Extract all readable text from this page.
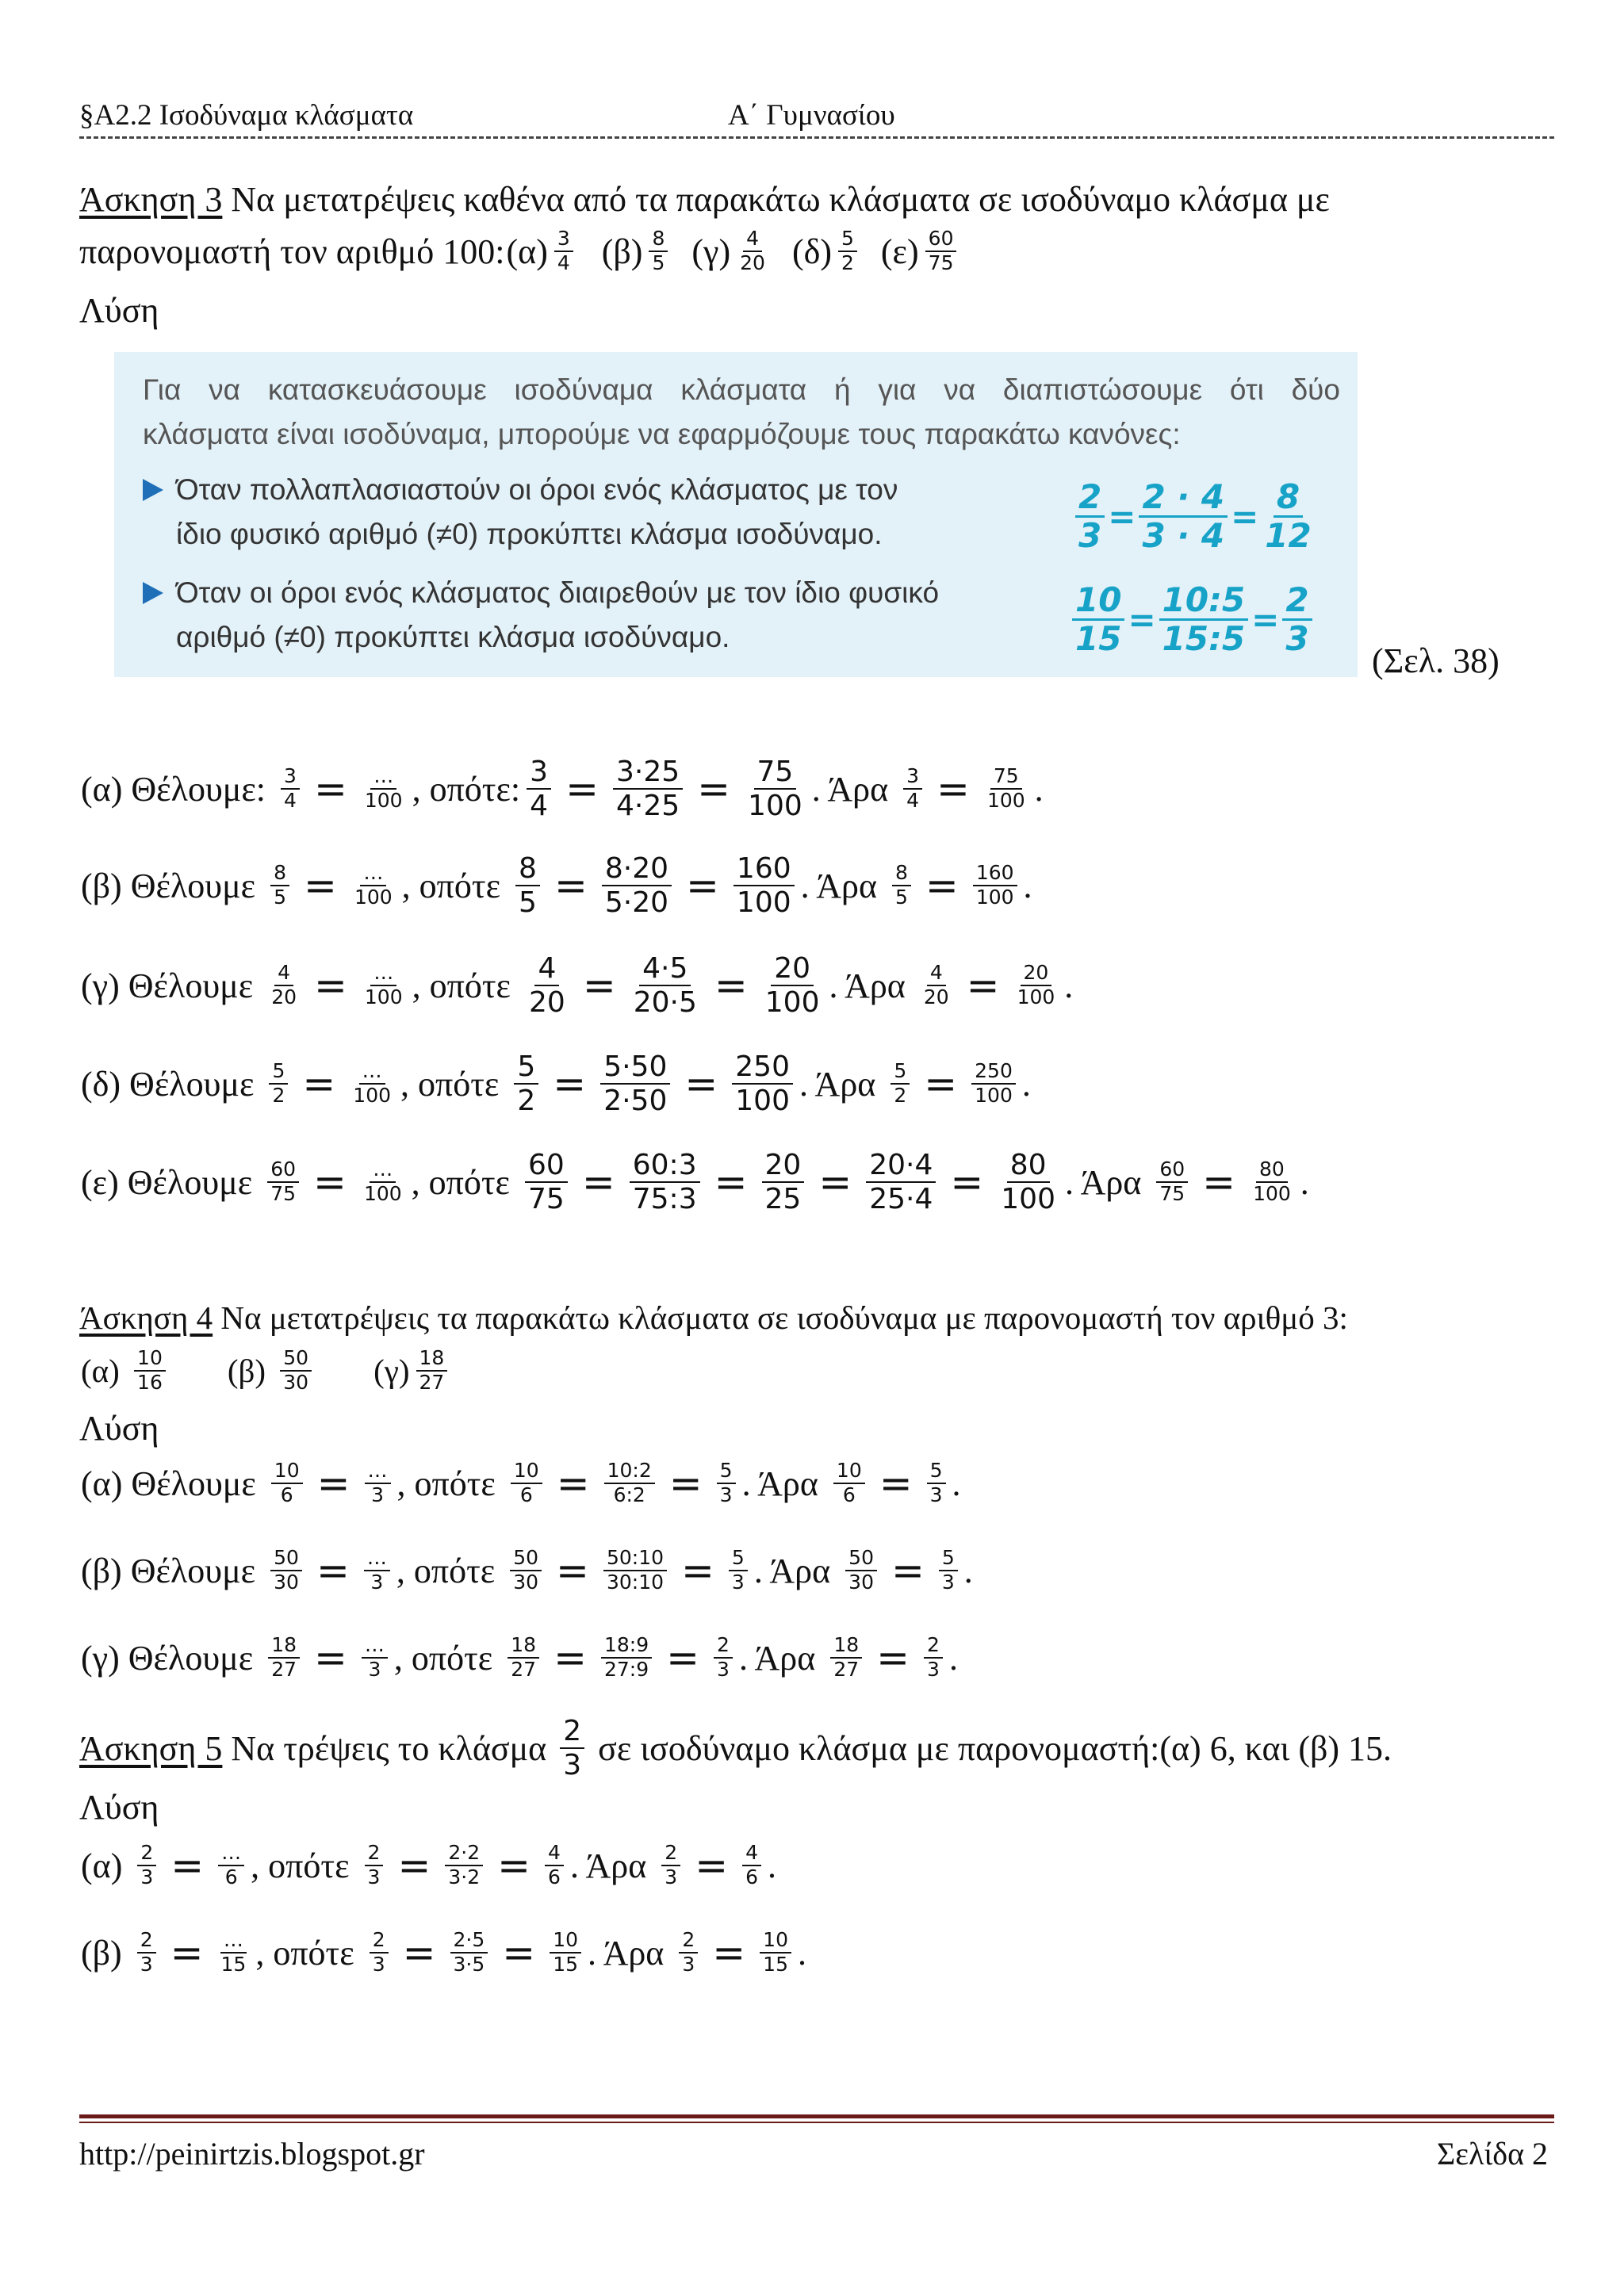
§Α2.2 Ισοδύναμα κλάσματα	Α΄ Γυμνασίου
Άσκηση 3 Να μετατρέψεις καθένα από τα παρακάτω κλάσματα σε ισοδύναμο κλάσμα με
παρονομαστή τον αριθμό 100: $(\alpha) \frac{3}{4} (\beta) \frac{8}{5} (\gamma) \frac{4}{20} (\delta) \frac{5}{2} (\varepsilon) \frac{60}{75}$
Λύση
Για να κατασκευάσουμε ισοδύναμα κλάσματα ή για να διαπιστώσουμε ότι δύο
κλάσματα είναι ισοδύναμα, μπορούμε να εφαρμόζουμε τους παρακάτω κανόνες:
Όταν πολλαπλασιαστούν οι όροι ενός κλάσματος με τον
ίδιο φυσικό αριθμό (≠0) προκύπτει κλάσμα ισοδύναμο.
Όταν οι όροι ενός κλάσματος διαιρεθούν με τον ίδιο φυσικό
αριθμό (≠0) προκύπτει κλάσμα ισοδύναμο.
$\frac{2}{3} = \frac{2 \cdot 4}{3 \cdot 4} = \frac{8}{12}$
$\frac{10}{15} = \frac{10:5}{15:5} = \frac{2}{3}$
(Σελ. 38)
(α) Θέλουμε: $\frac{3}{4} = \frac{\dots}{100}$ , οπότε: $\frac{3}{4} = \frac{3\cdot 25}{4\cdot 25} = \frac{75}{100}$ . Άρα $\frac{3}{4} = \frac{75}{100}$ .
(β) Θέλουμε $\frac{8}{5} = \frac{\dots}{100}$ , οπότε $\frac{8}{5} = \frac{8\cdot 20}{5\cdot 20} = \frac{160}{100}$ . Άρα $\frac{8}{5} = \frac{160}{100}$ .
(γ) Θέλουμε $\frac{4}{20} = \frac{\dots}{100}$ , οπότε $\frac{4}{20} = \frac{4\cdot 5}{20\cdot 5} = \frac{20}{100}$ . Άρα $\frac{4}{20} = \frac{20}{100}$ .
(δ) Θέλουμε $\frac{5}{2} = \frac{\dots}{100}$ , οπότε $\frac{5}{2} = \frac{5\cdot 50}{2\cdot 50} = \frac{250}{100}$ . Άρα $\frac{5}{2} = \frac{250}{100}$ .
(ε) Θέλουμε $\frac{60}{75} = \frac{\dots}{100}$ , οπότε $\frac{60}{75} = \frac{60:3}{75:3} = \frac{20}{25} = \frac{20\cdot 4}{25\cdot 4} = \frac{80}{100}$ . Άρα $\frac{60}{75} = \frac{80}{100}$ .
Άσκηση 4 Να μετατρέψεις τα παρακάτω κλάσματα σε ισοδύναμα με παρονομαστή τον αριθμό 3:
$(\alpha) \frac{10}{16} (\beta) \frac{50}{30} (\gamma) \frac{18}{27}$
Λύση
(α) Θέλουμε $\frac{10}{6} = \frac{\dots}{3}$ , οπότε $\frac{10}{6} = \frac{10:2}{6:2} = \frac{5}{3}$ . Άρα $\frac{10}{6} = \frac{5}{3}$ .
(β) Θέλουμε $\frac{50}{30} = \frac{\dots}{3}$ , οπότε $\frac{50}{30} = \frac{50:10}{30:10} = \frac{5}{3}$ . Άρα $\frac{50}{30} = \frac{5}{3}$ .
(γ) Θέλουμε $\frac{18}{27} = \frac{\dots}{3}$ , οπότε $\frac{18}{27} = \frac{18:9}{27:9} = \frac{2}{3}$ . Άρα $\frac{18}{27} = \frac{2}{3}$ .
Άσκηση 5 Να τρέψεις το κλάσμα $\frac{2}{3}$ σε ισοδύναμο κλάσμα με παρονομαστή:(α) 6, και (β) 15.
Λύση
$(\alpha) \frac{2}{3} = \frac{\dots}{6}$ , οπότε $\frac{2}{3} = \frac{2\cdot 2}{3\cdot 2} = \frac{4}{6}$ . Άρα $\frac{2}{3} = \frac{4}{6}$ .
$(\beta) \frac{2}{3} = \frac{\dots}{15}$ , οπότε $\frac{2}{3} = \frac{2\cdot 5}{3\cdot 5} = \frac{10}{15}$ . Άρα $\frac{2}{3} = \frac{10}{15}$ .
http://peinirtzis.blogspot.gr	Σελίδα 2
